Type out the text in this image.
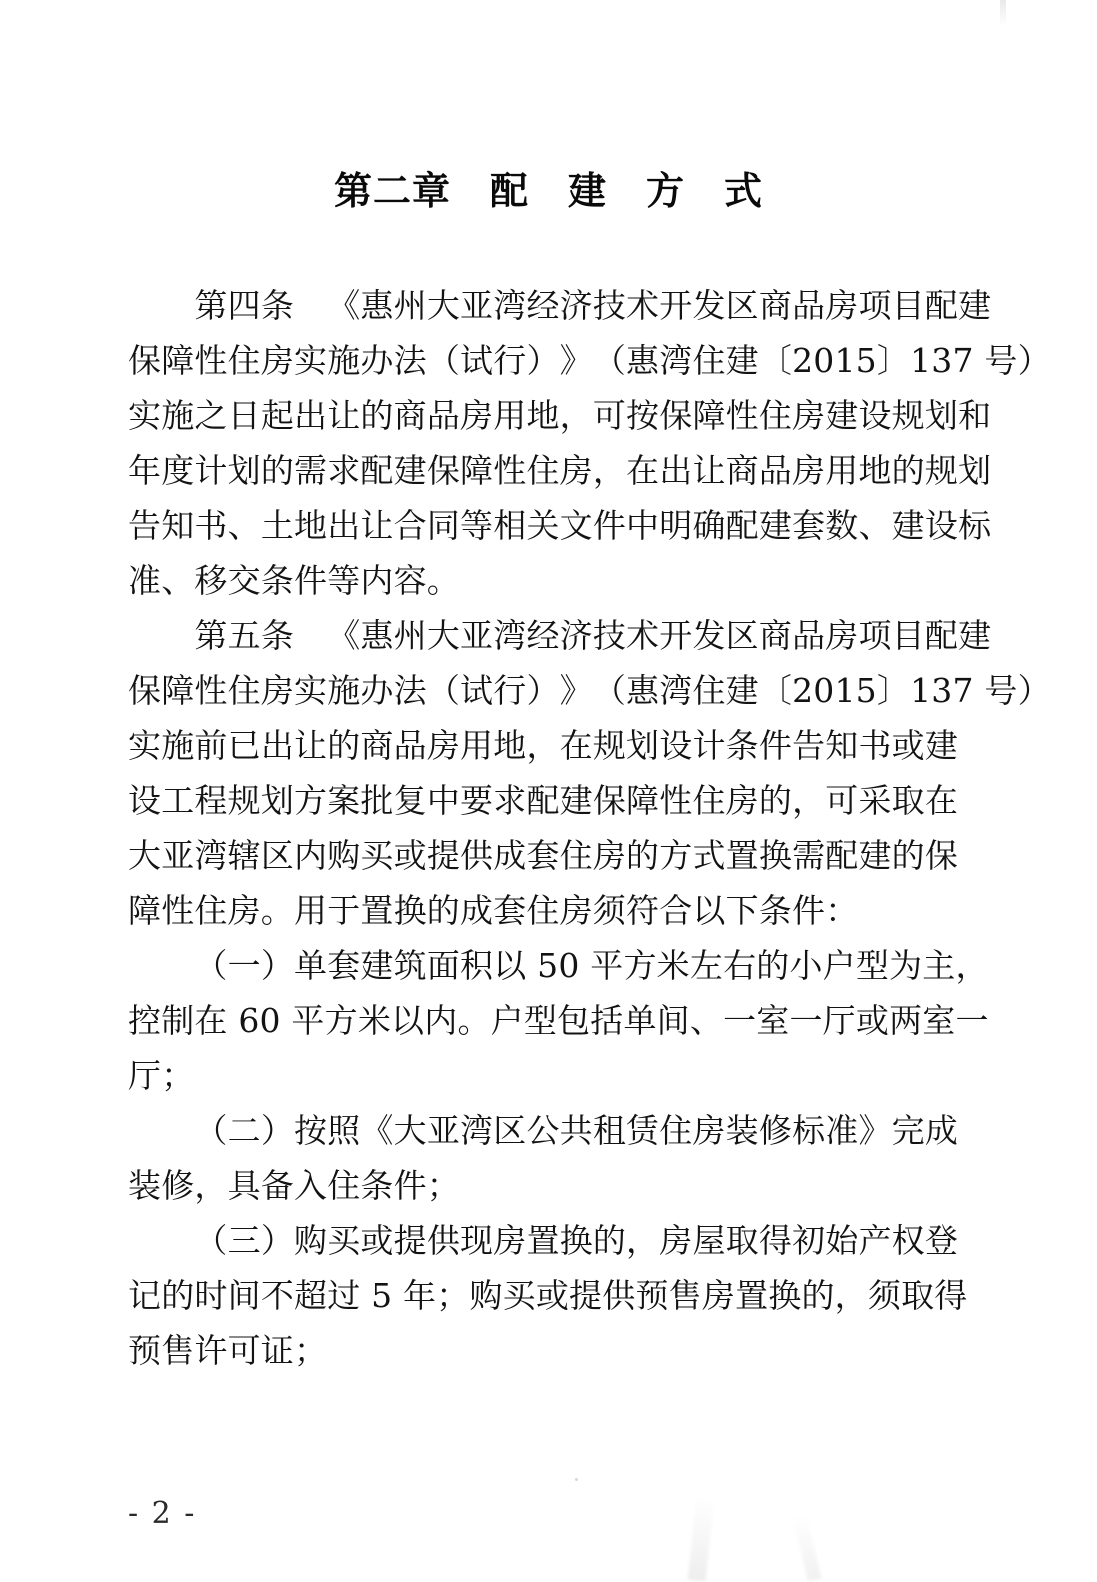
第二章　配　建　方　式

第 四 条
　 《 惠 州 大 亚 湾 经 济 技 术 开 发 区 商 品 房 项 目 配 建
保 障 性 住 房 实 施 办 法 （ 试 行 ） 》 （ 惠 湾 住 建 〔 2 0 1 5 〕 1 3 7
号 ）
实 施 之 日 起 出 让 的 商 品 房 用 地 ， 可 按 保 障 性 住 房 建 设 规 划 和
年 度 计 划 的 需 求 配 建 保 障 性 住 房 ， 在 出 让 商 品 房 用 地 的 规 划
告 知 书 、 土 地 出 让 合 同 等 相 关 文 件 中 明 确 配 建 套 数 、 建 设 标
准、移交条件等内容。

第 五 条
　 《 惠 州 大 亚 湾 经 济 技 术 开 发 区 商 品 房 项 目 配 建
保 障 性 住 房 实 施 办 法 （ 试 行 ） 》 （ 惠 湾 住 建 〔 2 0 1 5 〕 1 3 7
号 ）
实 施 前 已 出 让 的 商 品 房 用 地 ， 在 规 划 设 计 条 件 告 知 书 或 建
设 工 程 规 划 方 案 批 复 中 要 求 配 建 保 障 性 住 房 的 ， 可 采 取 在
大 亚 湾 辖 区 内 购 买 或 提 供 成 套 住 房 的 方 式 置 换 需 配 建 的 保
障性住房。用于置换的成套住房须符合以下条件：

（ 一 ） 单 套 建 筑 面 积 以
5 0
平 方 米 左 右 的 小 户 型 为 主 ，
控 制 在
6 0
平 方 米 以 内 。 户 型 包 括 单 间 、 一 室 一 厅 或 两 室 一
厅；

（ 二 ） 按 照 《 大 亚 湾 区 公 共 租 赁 住 房 装 修 标 准 》 完 成
装修，具备入住条件；

（ 三 ） 购 买 或 提 供 现 房 置 换 的 ， 房 屋 取 得 初 始 产 权 登
记 的 时 间 不 超 过
5
年 ； 购 买 或 提 供 预 售 房 置 换 的 ， 须 取 得
预售许可证；
- 2 -
